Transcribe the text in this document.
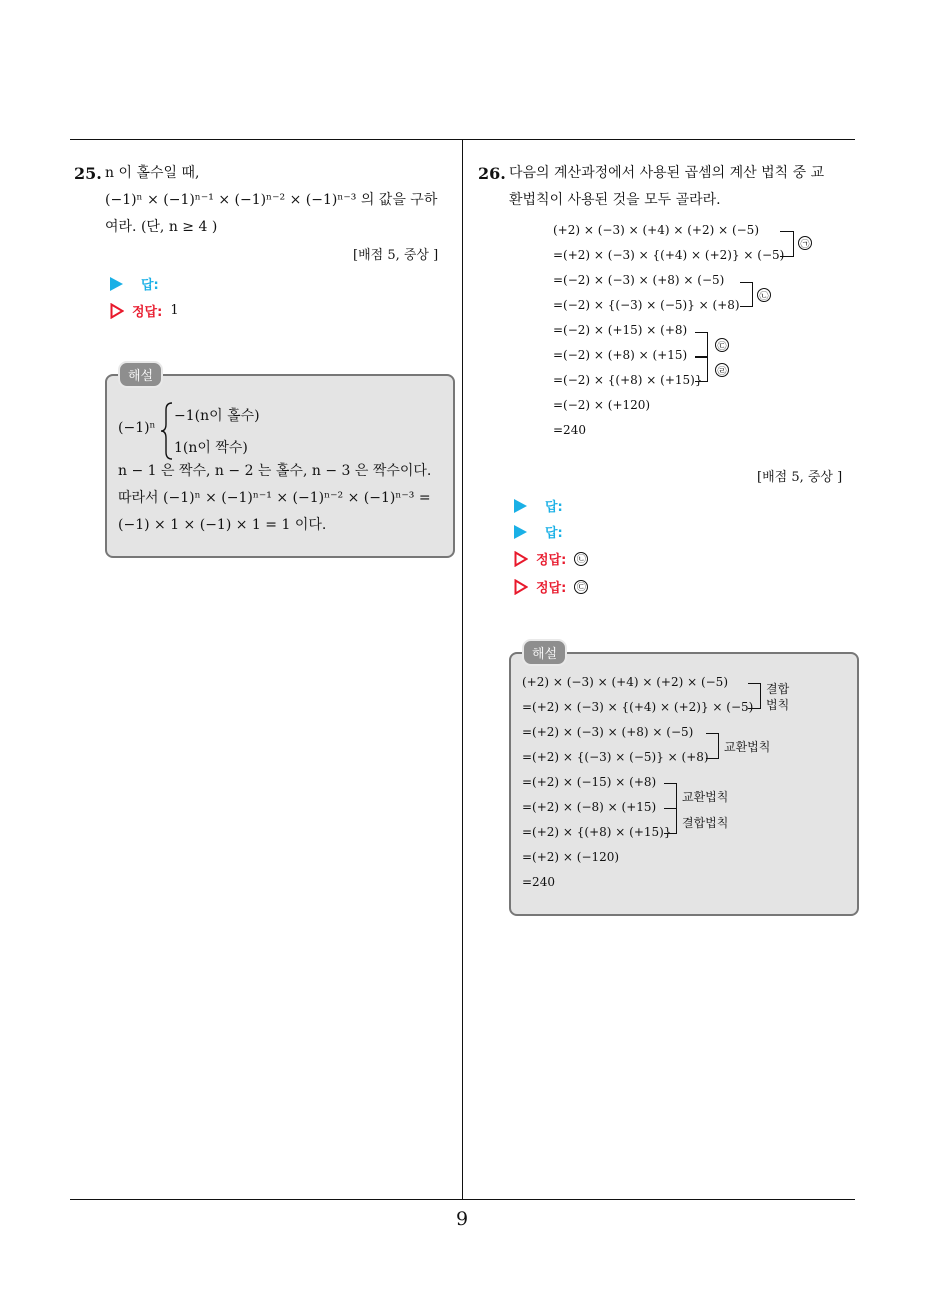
9
25. n 이 홀수일 때,
(−1)ⁿ × (−1)ⁿ⁻¹ × (−1)ⁿ⁻² × (−1)ⁿ⁻³ 의 값을 구하
여라. (단, n ≥ 4 )
[배점 5, 중상 ]
답:
정답: 1
해설
(−1)ⁿ
−1(n이 홀수)
1(n이 짝수)
n − 1 은 짝수, n − 2 는 홀수, n − 3 은 짝수이다.
따라서 (−1)ⁿ × (−1)ⁿ⁻¹ × (−1)ⁿ⁻² × (−1)ⁿ⁻³ =
(−1) × 1 × (−1) × 1 = 1 이다.
26. 다음의 계산과정에서 사용된 곱셈의 계산 법칙 중 교
환법칙이 사용된 것을 모두 골라라.
(+2) × (−3) × (+4) × (+2) × (−5)
=(+2) × (−3) × {(+4) × (+2)} × (−5)
=(−2) × (−3) × (+8) × (−5)
=(−2) × {(−3) × (−5)} × (+8)
=(−2) × (+15) × (+8)
=(−2) × (+8) × (+15)
=(−2) × {(+8) × (+15)}
=(−2) × (+120)
=240
㉠
㉡
㉢
㉣
[배점 5, 중상 ]
답:
답:
정답: ㉡
정답: ㉢
해설
(+2) × (−3) × (+4) × (+2) × (−5)
=(+2) × (−3) × {(+4) × (+2)} × (−5)
=(+2) × (−3) × (+8) × (−5)
=(+2) × {(−3) × (−5)} × (+8)
=(+2) × (−15) × (+8)
=(+2) × (−8) × (+15)
=(+2) × {(+8) × (+15)}
=(+2) × (−120)
=240
결합
법칙
교환법칙
교환법칙
결합법칙
